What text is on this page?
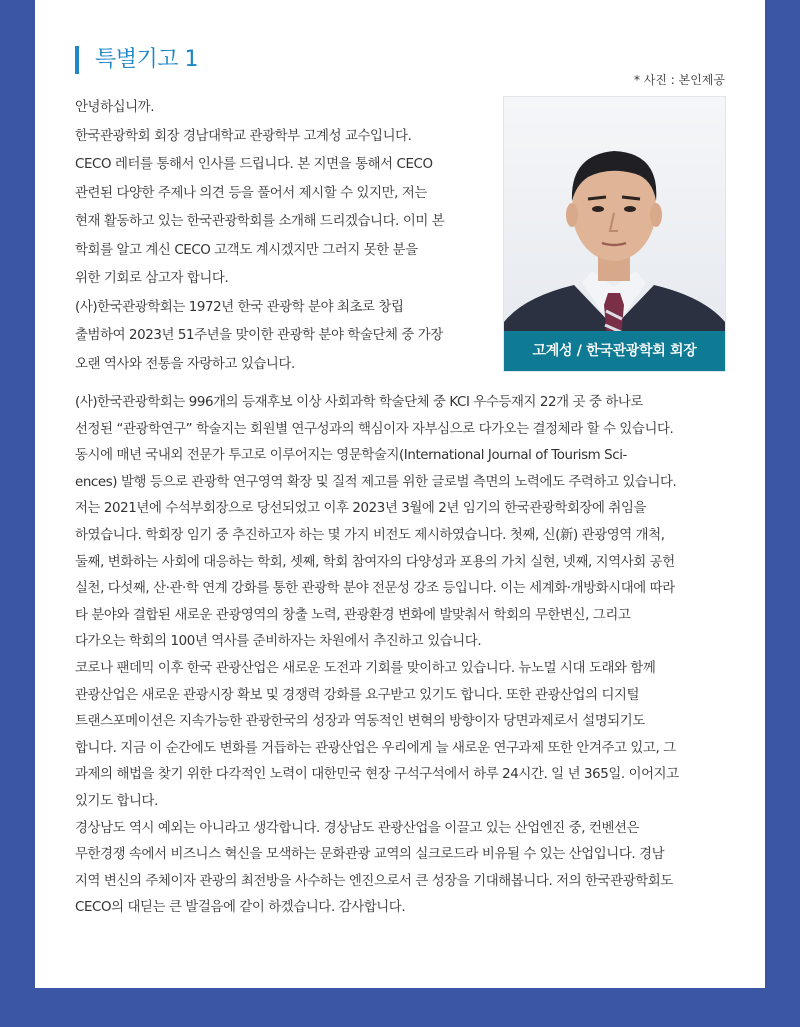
특별기고 1
* 사진 : 본인제공
안녕하십니까.
한국관광학회 회장 경남대학교 관광학부 고계성 교수입니다.
CECO 레터를 통해서 인사를 드립니다. 본 지면을 통해서 CECO
관련된 다양한 주제나 의견 등을 풀어서 제시할 수 있지만, 저는
현재 활동하고 있는 한국관광학회를 소개해 드리겠습니다. 이미 본
학회를 알고 계신 CECO 고객도 계시겠지만 그러지 못한 분을
위한 기회로 삼고자 합니다.
(사)한국관광학회는 1972년 한국 관광학 분야 최초로 창립
출범하여 2023년 51주년을 맞이한 관광학 분야 학술단체 중 가장
오랜 역사와 전통을 자랑하고 있습니다.
고계성 / 한국관광학회 회장
(사)한국관광학회는 996개의 등재후보 이상 사회과학 학술단체 중 KCI 우수등재지 22개 곳 중 하나로
선정된 “관광학연구” 학술지는 회원별 연구성과의 핵심이자 자부심으로 다가오는 결정체라 할 수 있습니다.
동시에 매년 국내외 전문가 투고로 이루어지는 영문학술지(International Journal of Tourism Sci-
ences) 발행 등으로 관광학 연구영역 확장 및 질적 제고를 위한 글로벌 측면의 노력에도 주력하고 있습니다.
저는 2021년에 수석부회장으로 당선되었고 이후 2023년 3월에 2년 임기의 한국관광학회장에 취임을
하였습니다. 학회장 임기 중 추진하고자 하는 몇 가지 비전도 제시하였습니다. 첫째, 신(新) 관광영역 개척,
둘째, 변화하는 사회에 대응하는 학회, 셋째, 학회 참여자의 다양성과 포용의 가치 실현, 넷째, 지역사회 공헌
실천, 다섯째, 산·관·학 연계 강화를 통한 관광학 분야 전문성 강조 등입니다. 이는 세계화·개방화시대에 따라
타 분야와 결합된 새로운 관광영역의 창출 노력, 관광환경 변화에 발맞춰서 학회의 무한변신, 그리고
다가오는 학회의 100년 역사를 준비하자는 차원에서 추진하고 있습니다.
코로나 팬데믹 이후 한국 관광산업은 새로운 도전과 기회를 맞이하고 있습니다. 뉴노멀 시대 도래와 함께
관광산업은 새로운 관광시장 확보 및 경쟁력 강화를 요구받고 있기도 합니다. 또한 관광산업의 디지털
트랜스포메이션은 지속가능한 관광한국의 성장과 역동적인 변혁의 방향이자 당면과제로서 설명되기도
합니다. 지금 이 순간에도 변화를 거듭하는 관광산업은 우리에게 늘 새로운 연구과제 또한 안겨주고 있고, 그
과제의 해법을 찾기 위한 다각적인 노력이 대한민국 현장 구석구석에서 하루 24시간. 일 년 365일. 이어지고
있기도 합니다.
경상남도 역시 예외는 아니라고 생각합니다. 경상남도 관광산업을 이끌고 있는 산업엔진 중, 컨벤션은
무한경쟁 속에서 비즈니스 혁신을 모색하는 문화관광 교역의 실크로드라 비유될 수 있는 산업입니다. 경남
지역 변신의 주체이자 관광의 최전방을 사수하는 엔진으로서 큰 성장을 기대해봅니다. 저의 한국관광학회도
CECO의 대딛는 큰 발걸음에 같이 하겠습니다. 감사합니다.
